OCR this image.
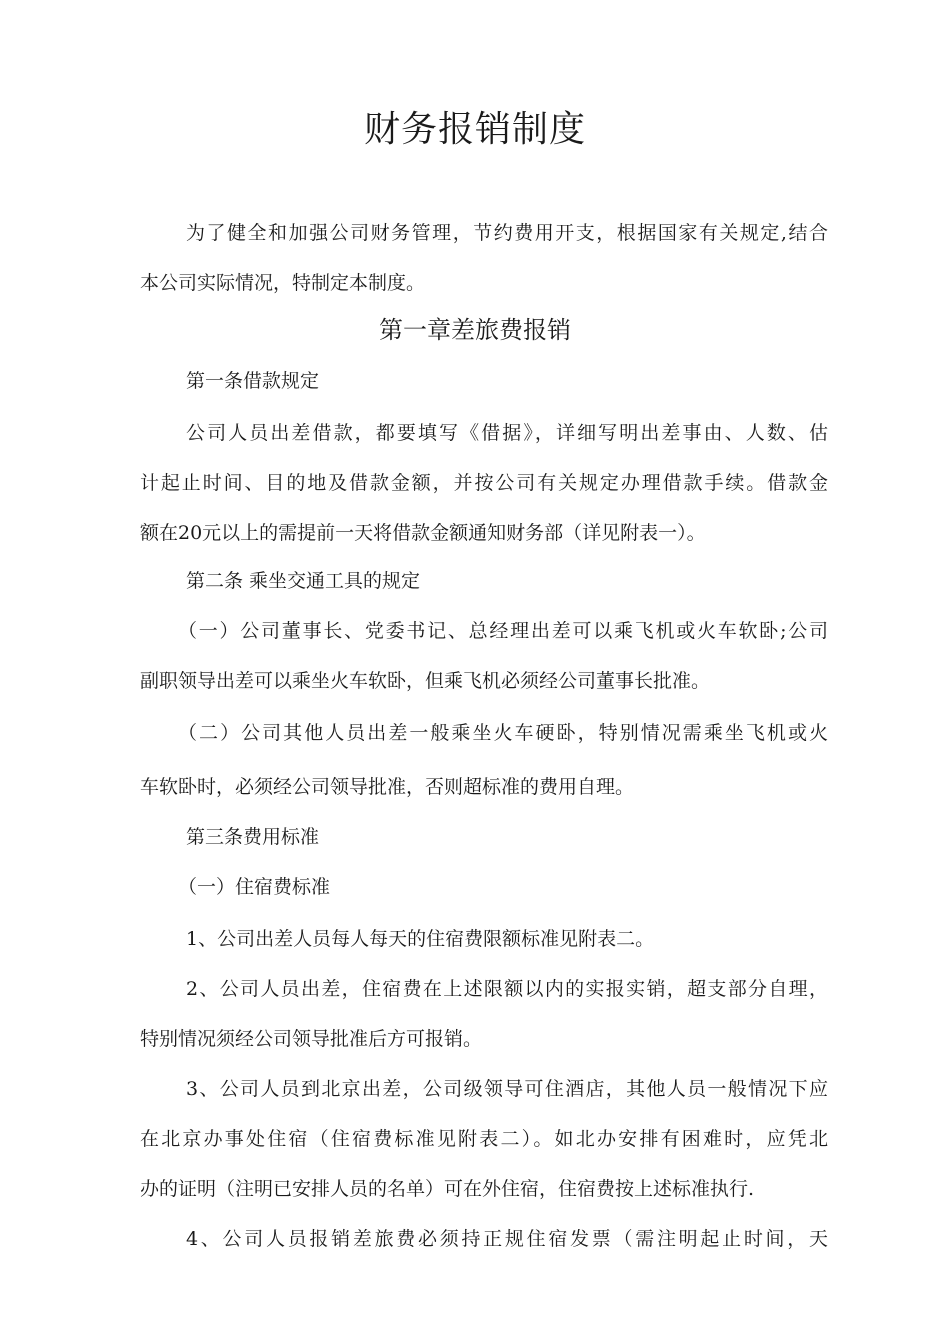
财务报销制度
为了健全和加强公司财务管理，节约费用开支，根据国家有关规定,结合
本公司实际情况，特制定本制度。
第一章差旅费报销
第一条借款规定
公司人员出差借款，都要填写《借据》，详细写明出差事由、人数、估
计起止时间、目的地及借款金额，并按公司有关规定办理借款手续。借款金
额在20元以上的需提前一天将借款金额通知财务部（详见附表一）。
第二条 乘坐交通工具的规定
（一）公司董事长、党委书记、总经理出差可以乘飞机或火车软卧;公司
副职领导出差可以乘坐火车软卧，但乘飞机必须经公司董事长批准。
（二）公司其他人员出差一般乘坐火车硬卧，特别情况需乘坐飞机或火
车软卧时，必须经公司领导批准，否则超标准的费用自理。
第三条费用标准
（一）住宿费标准
1、公司出差人员每人每天的住宿费限额标准见附表二。
2、公司人员出差，住宿费在上述限额以内的实报实销，超支部分自理，
特别情况须经公司领导批准后方可报销。
3、公司人员到北京出差，公司级领导可住酒店，其他人员一般情况下应
在北京办事处住宿（住宿费标准见附表二）。如北办安排有困难时，应凭北
办的证明（注明已安排人员的名单）可在外住宿，住宿费按上述标准执行.
4、公司人员报销差旅费必须持正规住宿发票（需注明起止时间，天
